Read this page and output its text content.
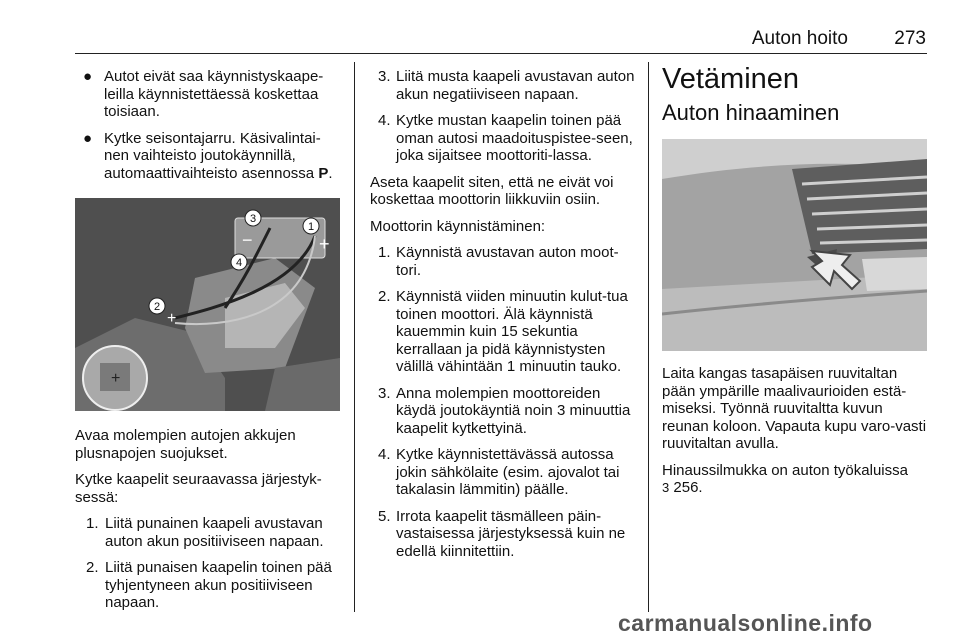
Auton hoito	273
● Autot eivät saa käynnistyskaape-leilla käynnistettäessä koskettaa toisiaan.
● Kytke seisontajarru. Käsivalintai-nen vaihteisto joutokäynnillä, automaattivaihteisto asennossa P.
3
1
4
2
+
−
+
+

Avaa molempien autojen akkujen plusnapojen suojukset.

Kytke kaapelit seuraavassa järjestyk-sessä:

1. Liitä punainen kaapeli avustavan auton akun positiiviseen napaan.
2. Liitä punaisen kaapelin toinen pää tyhjentyneen akun positiiviseen napaan.
3. Liitä musta kaapeli avustavan auton akun negatiiviseen napaan.
4. Kytke mustan kaapelin toinen pää oman autosi maadoituspistee-seen, joka sijaitsee moottoriti-lassa.

Aseta kaapelit siten, että ne eivät voi koskettaa moottorin liikkuviin osiin.

Moottorin käynnistäminen:

1. Käynnistä avustavan auton moot-tori.
2. Käynnistä viiden minuutin kulut-tua toinen moottori. Älä käynnistä kauemmin kuin 15 sekuntia kerrallaan ja pidä käynnistysten välillä vähintään 1 minuutin tauko.
3. Anna molempien moottoreiden käydä joutokäyntiä noin 3 minuuttia kaapelit kytkettyinä.
4. Kytke käynnistettävässä autossa jokin sähkölaite (esim. ajovalot tai takalasin lämmitin) päälle.
5. Irrota kaapelit täsmälleen päin-vastaisessa järjestyksessä kuin ne edellä kiinnitettiin.
Vetäminen
Auton hinaaminen

Laita kangas tasapäisen ruuvitaltan pään ympärille maalivaurioiden estä-miseksi. Työnnä ruuvitaltta kuvun reunan koloon. Vapauta kupu varo-vasti ruuvitaltan avulla.

Hinaussilmukka on auton työkaluissa
3 256.

carmanualsonline.info
